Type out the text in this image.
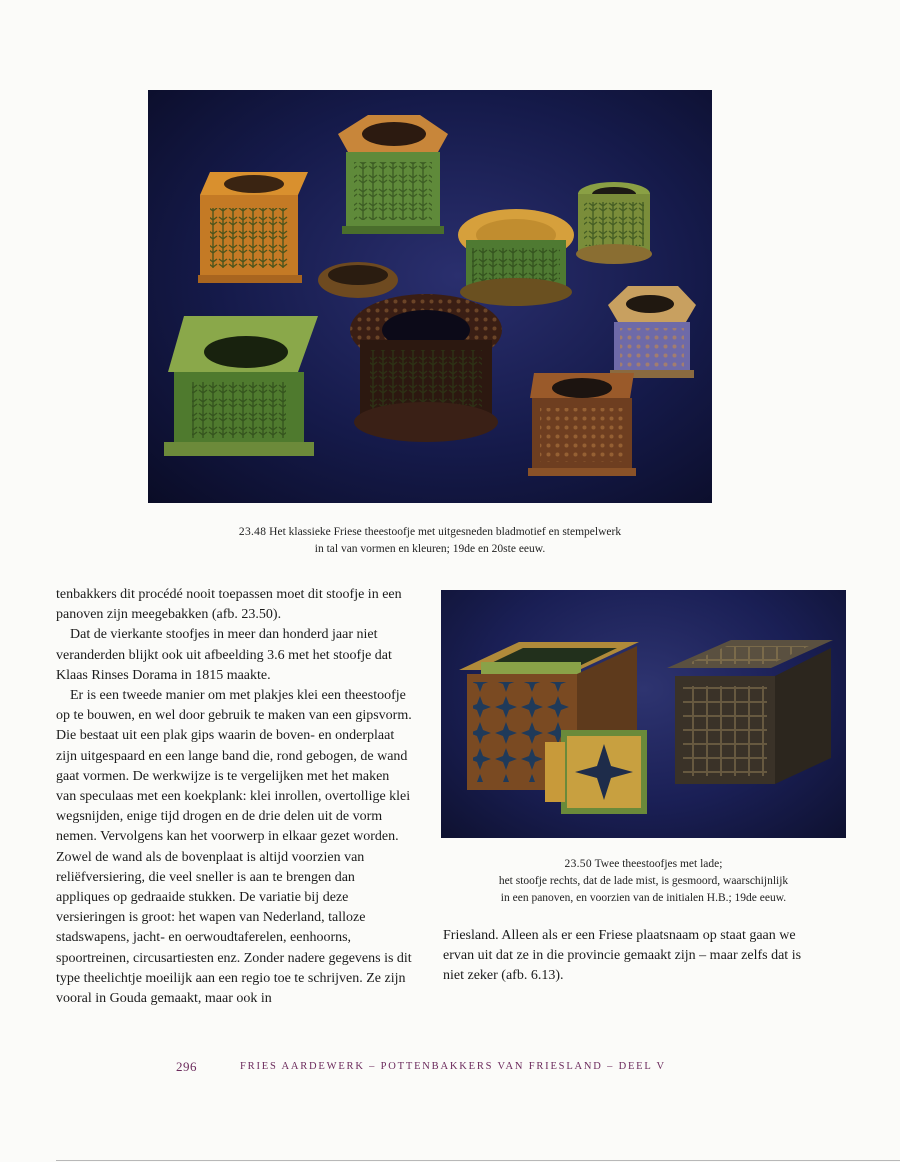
23.48 Het klassieke Friese theestoofje met uitgesneden bladmotief en stempelwerk
in tal van vormen en kleuren; 19de en 20ste eeuw.

tenbakkers dit procédé nooit toepassen moet dit stoofje in een panoven zijn meegebakken (afb. 23.50).

Dat de vierkante stoofjes in meer dan honderd jaar niet veranderden blijkt ook uit afbeelding 3.6 met het stoofje dat Klaas Rinses Dorama in 1815 maakte.

Er is een tweede manier om met plakjes klei een theestoofje op te bouwen, en wel door gebruik te maken van een gipsvorm. Die bestaat uit een plak gips waarin de boven- en onderplaat zijn uitgespaard en een lange band die, rond gebogen, de wand gaat vormen. De werkwijze is te vergelijken met het maken van speculaas met een koekplank: klei inrollen, overtollige klei wegsnijden, enige tijd drogen en de drie delen uit de vorm nemen. Vervolgens kan het voorwerp in elkaar gezet worden. Zowel de wand als de bovenplaat is altijd voorzien van reliëfversiering, die veel sneller is aan te brengen dan appliques op gedraaide stukken. De variatie bij deze versieringen is groot: het wapen van Nederland, talloze stadswapens, jacht- en oerwoudtaferelen, eenhoorns, spoortreinen, circusartiesten enz. Zonder nadere gegevens is dit type theelichtje moeilijk aan een regio toe te schrijven. Ze zijn vooral in Gouda gemaakt, maar ook in

23.50 Twee theestoofjes met lade;
het stoofje rechts, dat de lade mist, is gesmoord, waarschijnlijk
in een panoven, en voorzien van de initialen H.B.; 19de eeuw.

Friesland. Alleen als er een Friese plaatsnaam op staat gaan we ervan uit dat ze in die provincie gemaakt zijn – maar zelfs dat is niet zeker (afb. 6.13).

296	FRIES AARDEWERK – POTTENBAKKERS VAN FRIESLAND – DEEL V
